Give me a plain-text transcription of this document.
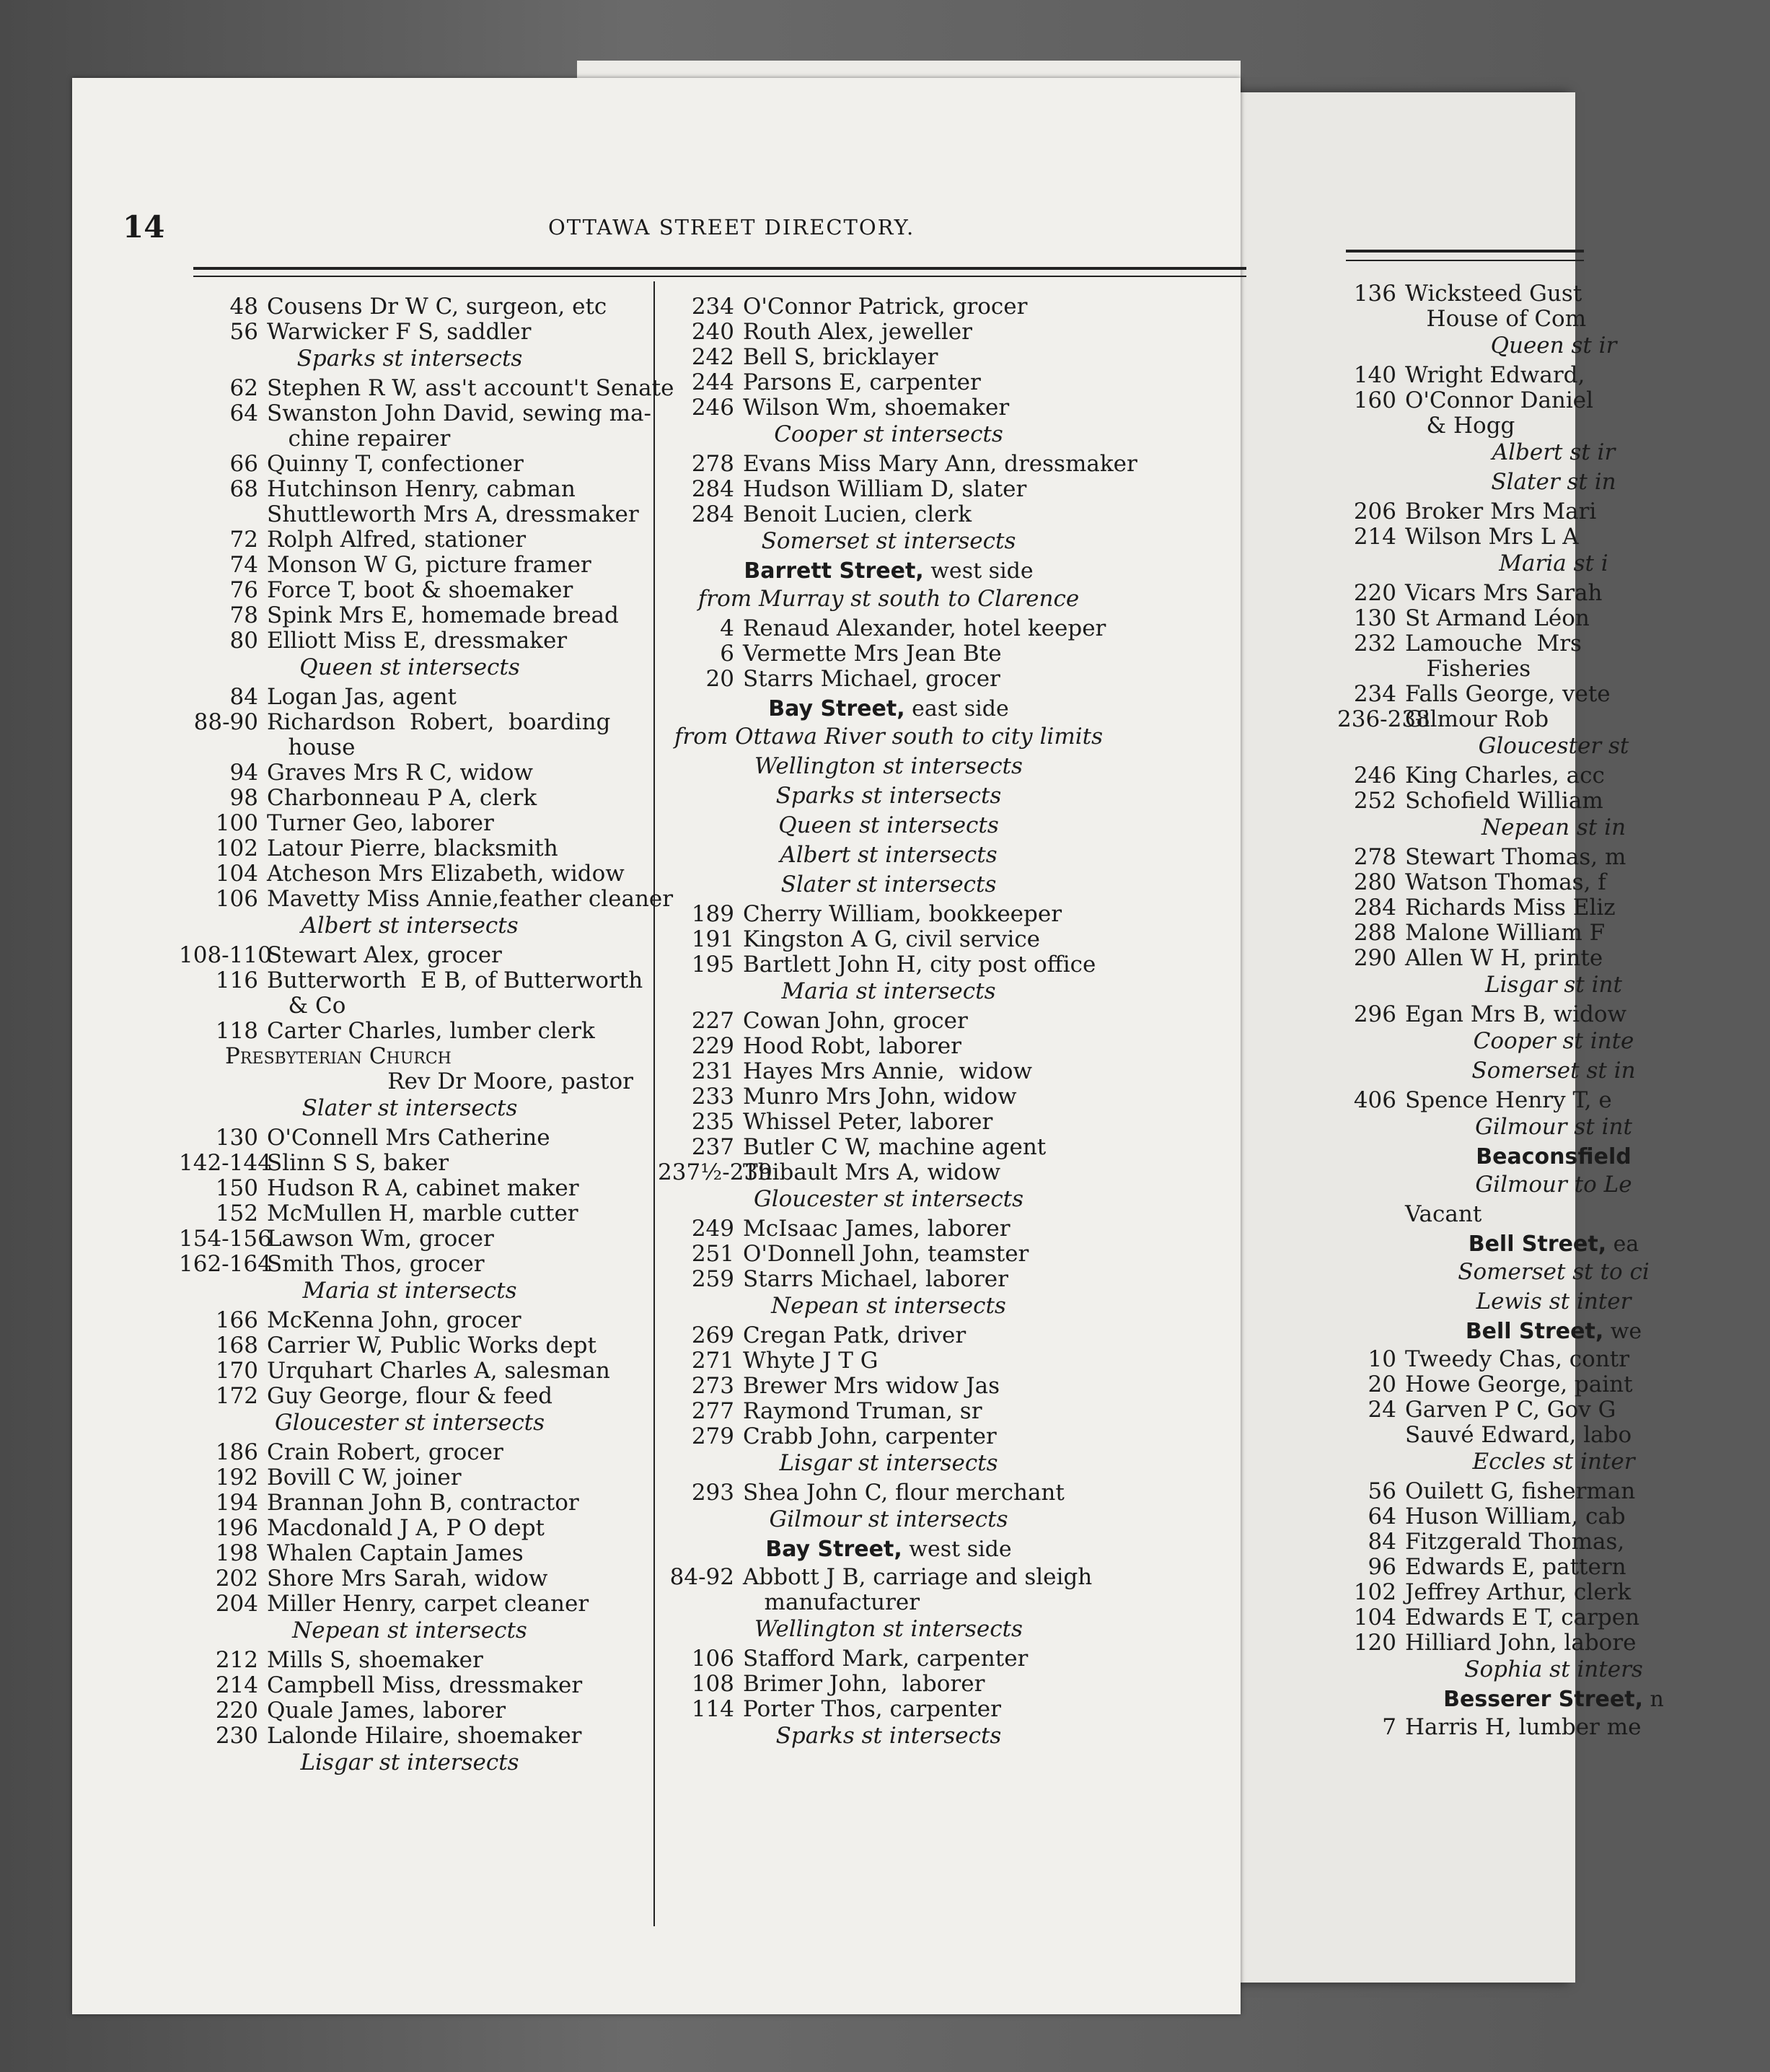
136 Wicksteed Gust
House of Com
Queen st ir
140 Wright Edward,
160 O'Connor Daniel
& Hogg
Albert st ir
Slater st in
206 Broker Mrs Mari
214 Wilson Mrs L A
Maria st i
220 Vicars Mrs Sarah
130 St Armand Léon
232 Lamouche  Mrs
Fisheries
234 Falls George, vete
236-238Gilmour Rob
Gloucester st
246 King Charles, acc
252 Schofield William
Nepean st in
278 Stewart Thomas, m
280 Watson Thomas, f
284 Richards Miss Eliz
288 Malone William F
290 Allen W H, printe
Lisgar st int
296 Egan Mrs B, widow
Cooper st inte
Somerset st in
406 Spence Henry T, e
Gilmour st int
Beaconsfield
Gilmour to Le
Vacant
Bell Street, ea
Somerset st to ci
Lewis st inter
Bell Street, we
10 Tweedy Chas, contr
20 Howe George, paint
24 Garven P C, Gov G
Sauvé Edward, labo
Eccles st inter
56 Ouilett G, fisherman
64 Huson William, cab
84 Fitzgerald Thomas,
96 Edwards E, pattern
102 Jeffrey Arthur, clerk
104 Edwards E T, carpen
120 Hilliard John, labore
Sophia st inters
Besserer Street, n
7 Harris H, lumber me
14	OTTAWA STREET DIRECTORY.
48 Cousens Dr W C, surgeon, etc
56 Warwicker F S, saddler
Sparks st intersects
62 Stephen R W, ass't account't Senate
64 Swanston John David, sewing ma-
chine repairer
66 Quinny T, confectioner
68 Hutchinson Henry, cabman
Shuttleworth Mrs A, dressmaker
72 Rolph Alfred, stationer
74 Monson W G, picture framer
76 Force T, boot & shoemaker
78 Spink Mrs E, homemade bread
80 Elliott Miss E, dressmaker
Queen st intersects
84 Logan Jas, agent
88-90 Richardson  Robert,  boarding
house
94 Graves Mrs R C, widow
98 Charbonneau P A, clerk
100 Turner Geo, laborer
102 Latour Pierre, blacksmith
104 Atcheson Mrs Elizabeth, widow
106 Mavetty Miss Annie,feather cleaner
Albert st intersects
108-110Stewart Alex, grocer
116 Butterworth  E B, of Butterworth
& Co
118 Carter Charles, lumber clerk
Presbyterian Church
Rev Dr Moore, pastor
Slater st intersects
130 O'Connell Mrs Catherine
142-144Slinn S S, baker
150 Hudson R A, cabinet maker
152 McMullen H, marble cutter
154-156Lawson Wm, grocer
162-164Smith Thos, grocer
Maria st intersects
166 McKenna John, grocer
168 Carrier W, Public Works dept
170 Urquhart Charles A, salesman
172 Guy George, flour & feed
Gloucester st intersects
186 Crain Robert, grocer
192 Bovill C W, joiner
194 Brannan John B, contractor
196 Macdonald J A, P O dept
198 Whalen Captain James
202 Shore Mrs Sarah, widow
204 Miller Henry, carpet cleaner
Nepean st intersects
212 Mills S, shoemaker
214 Campbell Miss, dressmaker
220 Quale James, laborer
230 Lalonde Hilaire, shoemaker
Lisgar st intersects
234 O'Connor Patrick, grocer
240 Routh Alex, jeweller
242 Bell S, bricklayer
244 Parsons E, carpenter
246 Wilson Wm, shoemaker
Cooper st intersects
278 Evans Miss Mary Ann, dressmaker
284 Hudson William D, slater
284 Benoit Lucien, clerk
Somerset st intersects
Barrett Street, west side
from Murray st south to Clarence
4 Renaud Alexander, hotel keeper
6 Vermette Mrs Jean Bte
20 Starrs Michael, grocer
Bay Street, east side
from Ottawa River south to city limits
Wellington st intersects
Sparks st intersects
Queen st intersects
Albert st intersects
Slater st intersects
189 Cherry William, bookkeeper
191 Kingston A G, civil service
195 Bartlett John H, city post office
Maria st intersects
227 Cowan John, grocer
229 Hood Robt, laborer
231 Hayes Mrs Annie,  widow
233 Munro Mrs John, widow
235 Whissel Peter, laborer
237 Butler C W, machine agent
237½-239Thibault Mrs A, widow
Gloucester st intersects
249 McIsaac James, laborer
251 O'Donnell John, teamster
259 Starrs Michael, laborer
Nepean st intersects
269 Cregan Patk, driver
271 Whyte J T G
273 Brewer Mrs widow Jas
277 Raymond Truman, sr
279 Crabb John, carpenter
Lisgar st intersects
293 Shea John C, flour merchant
Gilmour st intersects
Bay Street, west side
84-92 Abbott J B, carriage and sleigh
manufacturer
Wellington st intersects
106 Stafford Mark, carpenter
108 Brimer John,  laborer
114 Porter Thos, carpenter
Sparks st intersects
